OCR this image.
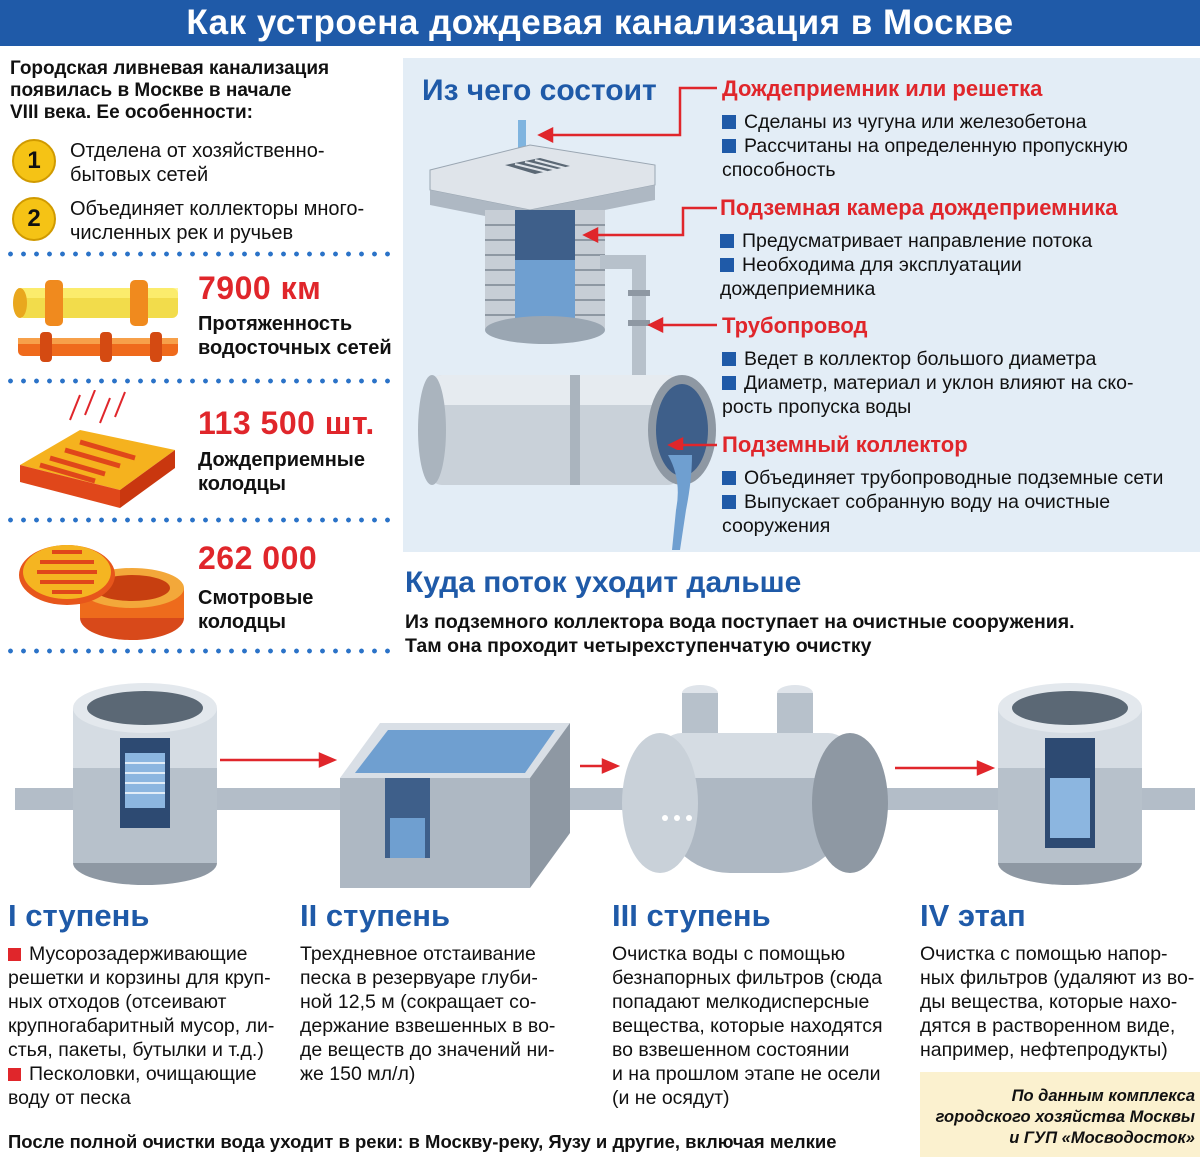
Как устроена дождевая канализация в Москве
Городская ливневая канализация
появилась в Москве в начале
VIII века. Ее особенности:
1	Отделена от хозяйственно-
бытовых сетей
2	Объединяет коллекторы много-
численных рек и ручьев
7900 км
Протяженность
водосточных сетей
113 500 шт.
Дождеприемные
колодцы
262 000
Смотровые
колодцы
Из чего состоит	Дождеприемник или решетка
Сделаны из чугуна или железобетона
Рассчитаны на определенную пропускную
способность
Подземная камера дождеприемника
Предусматривает направление потока
Необходима для эксплуатации
дождеприемника
Трубопровод
Ведет в коллектор большого диаметра
Диаметр, материал и уклон влияют на ско-
рость пропуска воды
Подземный коллектор
Объединяет трубопроводные подземные сети
Выпускает собранную воду на очистные
сооружения
Куда поток уходит дальше
Из подземного коллектора вода поступает на очистные сооружения.
Там она проходит четырехступенчатую очистку
I ступень
Мусорозадерживающие
решетки и корзины для круп-
ных отходов (отсеивают
крупногабаритный мусор, ли-
стья, пакеты, бутылки и т.д.)
Песколовки, очищающие
воду от песка
II ступень
Трехдневное отстаивание
песка в резервуаре глуби-
ной 12,5 м (сокращает со-
держание взвешенных в во-
де веществ до значений ни-
же 150 мл/л)
III ступень
Очистка воды с помощью
безнапорных фильтров (сюда
попадают мелкодисперсные
вещества, которые находятся
во взвешенном состоянии
и на прошлом этапе не осели
(и не осядут)
IV этап
Очистка с помощью напор-
ных фильтров (удаляют из во-
ды вещества, которые нахо-
дятся в растворенном виде,
например, нефтепродукты)
По данным комплекса
городского хозяйства Москвы
и ГУП «Мосводосток»
После полной очистки вода уходит в реки: в Москву-реку, Яузу и другие, включая мелкие
